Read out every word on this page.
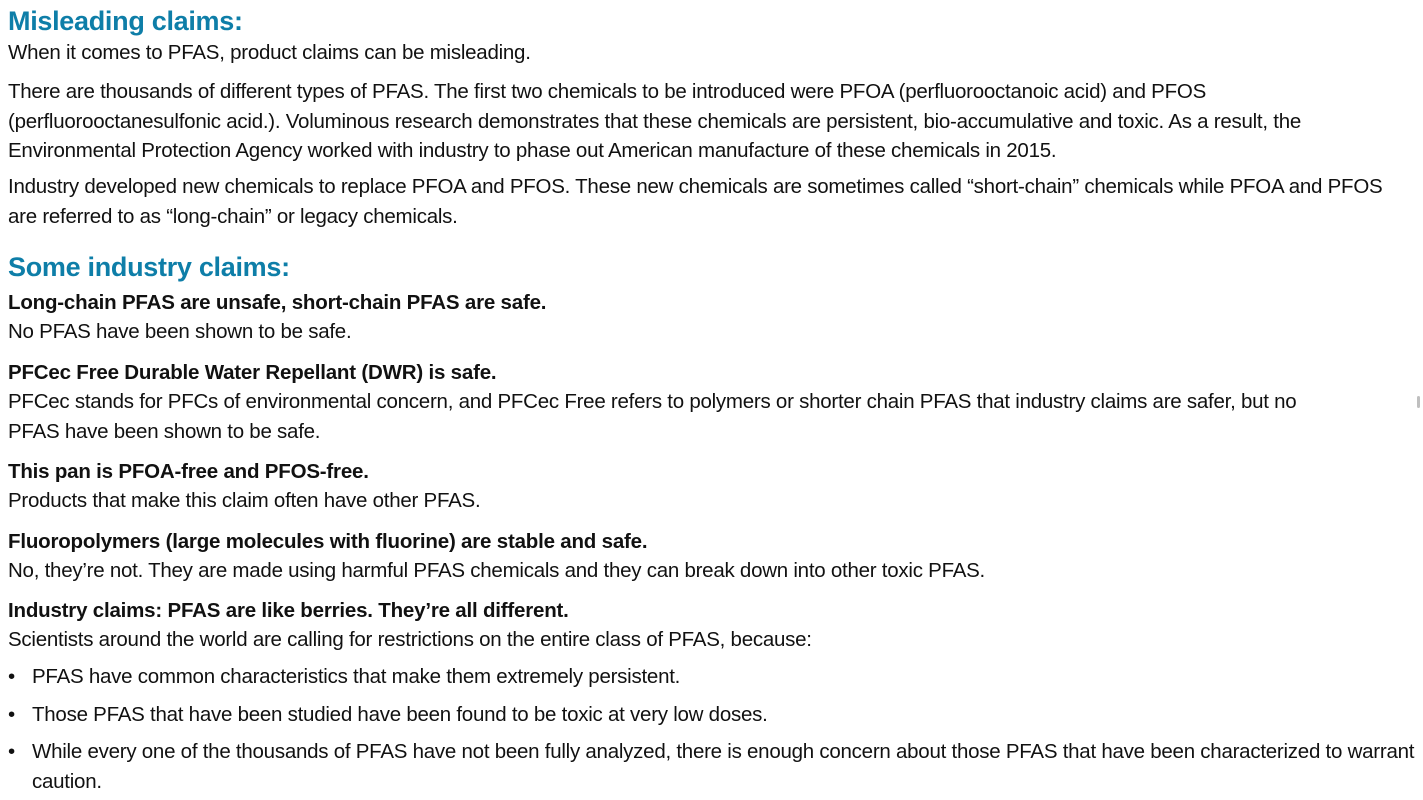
Misleading claims:

When it comes to PFAS, product claims can be misleading.

There are thousands of different types of PFAS. The first two chemicals to be introduced were PFOA (perfluorooctanoic acid) and PFOS (perfluorooctanesulfonic acid.). Voluminous research demonstrates that these chemicals are persistent, bio-accumulative and toxic. As a result, the Environmental Protection Agency worked with industry to phase out American manufacture of these chemicals in 2015.

Industry developed new chemicals to replace PFOA and PFOS. These new chemicals are sometimes called “short-chain” chemicals while PFOA and PFOS are referred to as “long-chain” or legacy chemicals.

Some industry claims:
Long-chain PFAS are unsafe, short-chain PFAS are safe.

No PFAS have been shown to be safe.

PFCec Free Durable Water Repellant (DWR) is safe.

PFCec stands for PFCs of environmental concern, and PFCec Free refers to polymers or shorter chain PFAS that industry claims are safer, but no PFAS have been shown to be safe.

This pan is PFOA-free and PFOS-free.

Products that make this claim often have other PFAS.

Fluoropolymers (large molecules with fluorine) are stable and safe.

No, they’re not. They are made using harmful PFAS chemicals and they can break down into other toxic PFAS.

Industry claims: PFAS are like berries. They’re all different.

Scientists around the world are calling for restrictions on the entire class of PFAS, because:

• PFAS have common characteristics that make them extremely persistent.
• Those PFAS that have been studied have been found to be toxic at very low doses.
• While every one of the thousands of PFAS have not been fully analyzed, there is enough concern about those PFAS that have been characterized to warrant caution.
